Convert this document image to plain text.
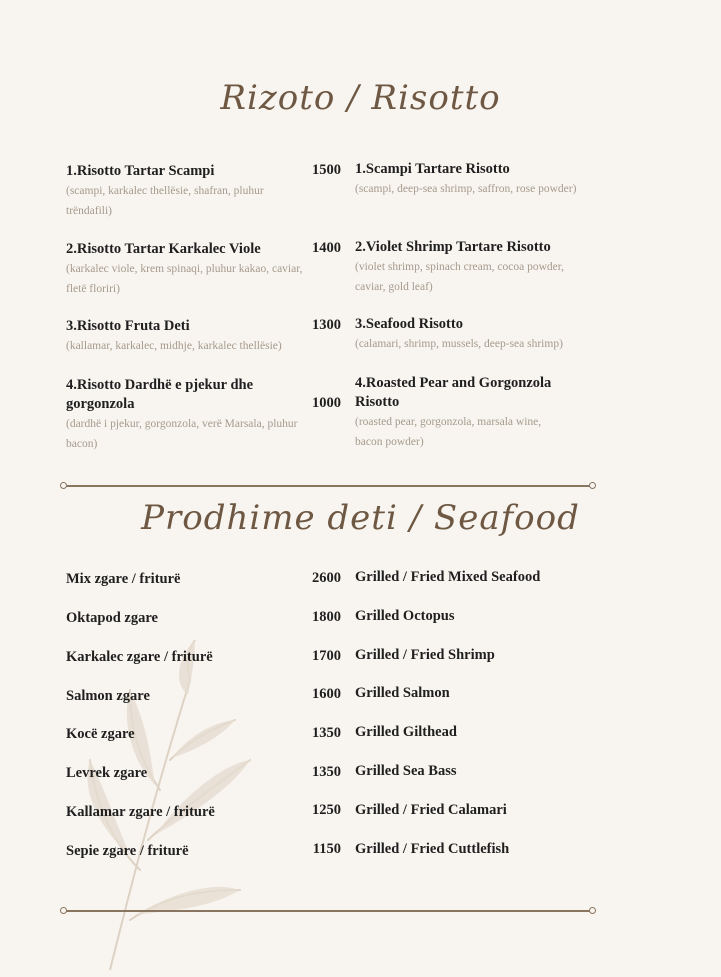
Rizoto / Risotto
1.Risotto Tartar Scampi
(scampi, karkalec thellësie, shafran, pluhur trëndafili)
1500 1.Scampi Tartare Risotto
(scampi, deep-sea shrimp, saffron, rose powder)
2.Risotto Tartar Karkalec Viole
(karkalec viole, krem spinaqi, pluhur kakao, caviar, fletë floriri)
1400 2.Violet Shrimp Tartare Risotto
(violet shrimp, spinach cream, cocoa powder, caviar, gold leaf)
3.Risotto Fruta Deti
(kallamar, karkalec, midhje, karkalec thellësie)
1300 3.Seafood Risotto
(calamari, shrimp, mussels, deep-sea shrimp)
4.Risotto Dardhë e pjekur dhe gorgonzola
(dardhë i pjekur, gorgonzola, verë Marsala, pluhur bacon)
1000
4.Roasted Pear and Gorgonzola Risotto
(roasted pear, gorgonzola, marsala wine, bacon powder)
Prodhime deti / Seafood
Mix zgare / friturë	2600 Grilled / Fried Mixed Seafood
Oktapod zgare	1800 Grilled Octopus
Karkalec zgare / friturë	1700 Grilled / Fried Shrimp
Salmon zgare	1600 Grilled Salmon
Kocë zgare	1350 Grilled Gilthead
Levrek zgare	1350 Grilled Sea Bass
Kallamar zgare / friturë	1250 Grilled / Fried Calamari
Sepie zgare / friturë	1150 Grilled / Fried Cuttlefish
